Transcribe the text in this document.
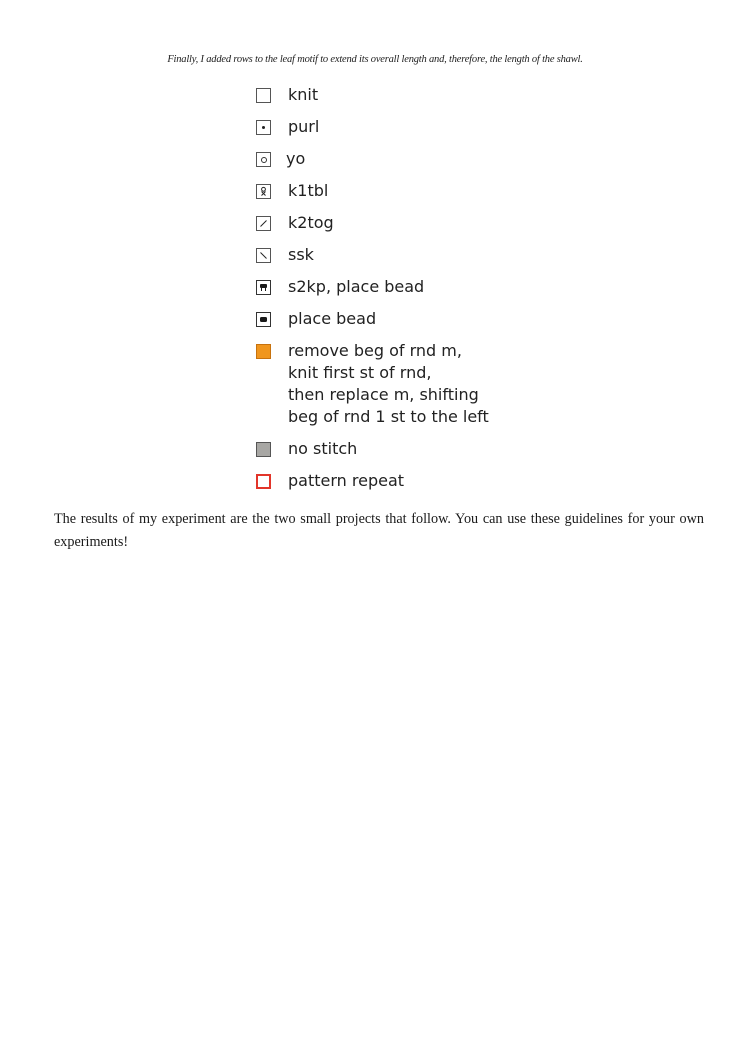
Finally, I added rows to the leaf motif to extend its overall length and, therefore, the length of the shawl.
knit
purl
yo
k1tbl
k2tog
ssk
s2kp, place bead
place bead
remove beg of rnd m,
knit first st of rnd,
then replace m, shifting
beg of rnd 1 st to the left
no stitch
pattern repeat

The results of my experiment are the two small projects that follow. You can use these guidelines for your own experiments!
